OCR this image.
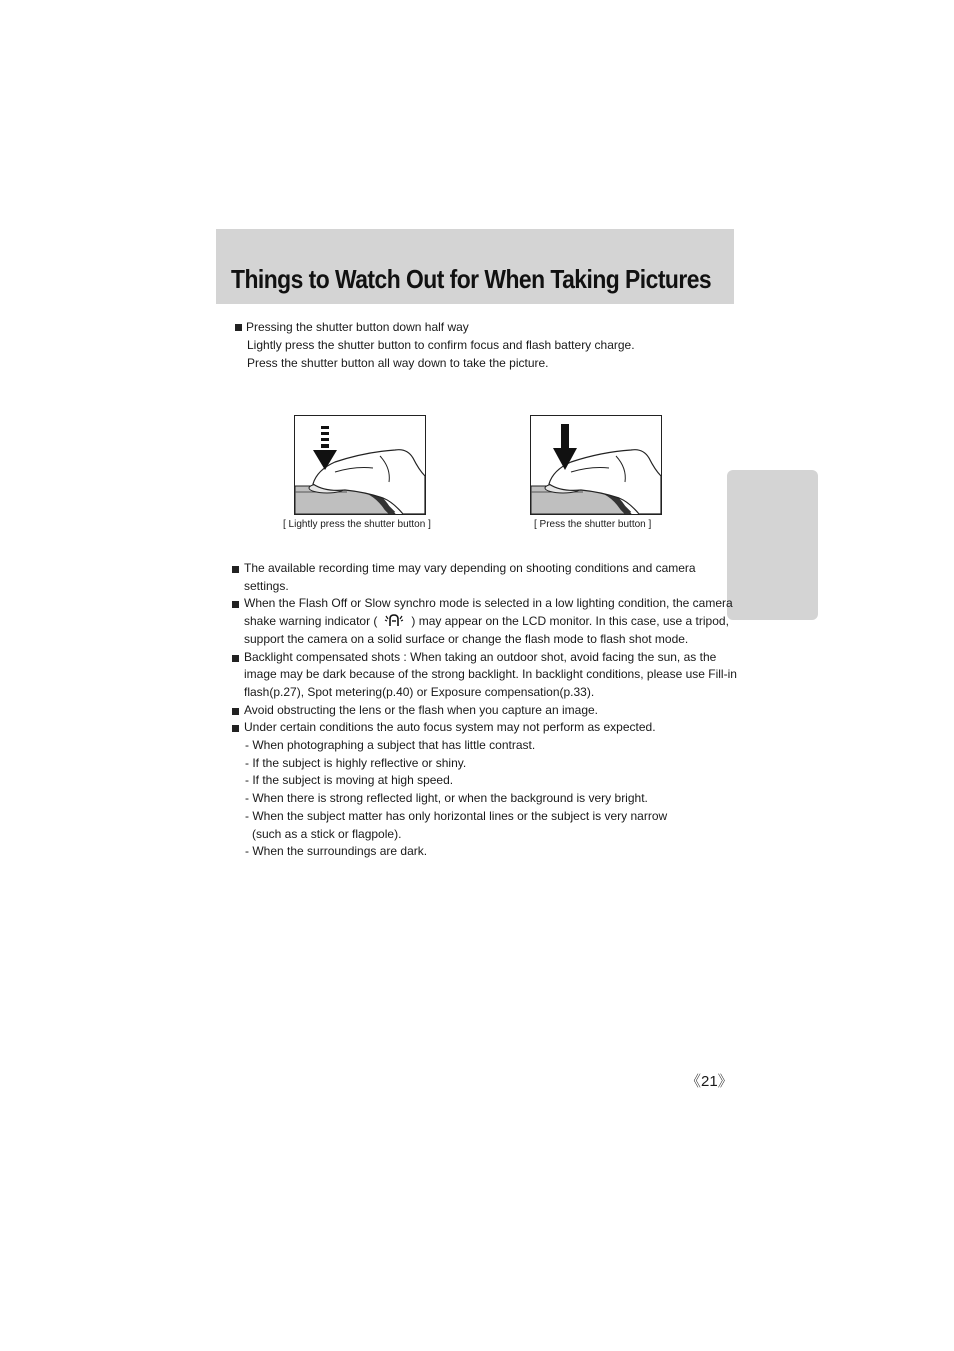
Things to Watch Out for When Taking Pictures
Pressing the shutter button down half way
Lightly press the shutter button to confirm focus and flash battery charge.
Press the shutter button all way down to take the picture.
[ Lightly press the shutter button ]	[ Press the shutter button ]
The available recording time may vary depending on shooting conditions and camera
settings.
When the Flash Off or Slow synchro mode is selected in a low lighting condition, the camera
shake warning indicator (	) may appear on the LCD monitor. In this case, use a tripod,
support the camera on a solid surface or change the flash mode to flash shot mode.
Backlight compensated shots : When taking an outdoor shot, avoid facing the sun, as the
image may be dark because of the strong backlight. In backlight conditions, please use Fill-in
flash(p.27), Spot metering(p.40) or Exposure compensation(p.33).
Avoid obstructing the lens or the flash when you capture an image.
Under certain conditions the auto focus system may not perform as expected.
- When photographing a subject that has little contrast.
- If the subject is highly reflective or shiny.
- If the subject is moving at high speed.
- When there is strong reflected light, or when the background is very bright.
- When the subject matter has only horizontal lines or the subject is very narrow
(such as a stick or flagpole).
- When the surroundings are dark.
《21》
